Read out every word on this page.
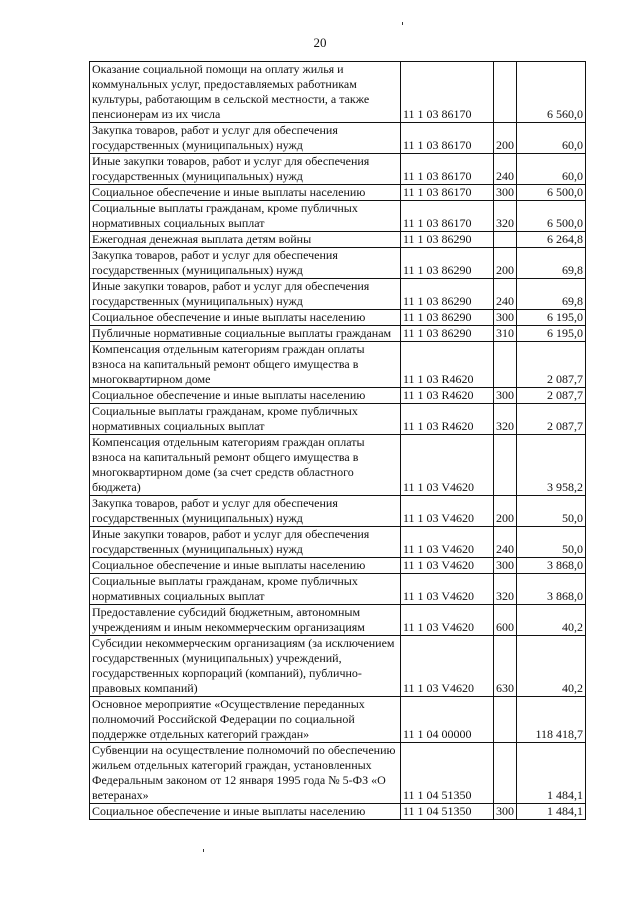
20
Оказание социальной помощи на оплату жилья и коммунальных услуг, предоставляемых работникам культуры, работающим в сельской местности, а также пенсионерам из их числа	11 1 03 86170		6 560,0
Закупка товаров, работ и услуг для обеспечения государственных (муниципальных) нужд	11 1 03 86170	200	60,0
Иные закупки товаров, работ и услуг для обеспечения государственных (муниципальных) нужд	11 1 03 86170	240	60,0
Социальное обеспечение и иные выплаты населению	11 1 03 86170	300	6 500,0
Социальные выплаты гражданам, кроме публичных нормативных социальных выплат	11 1 03 86170	320	6 500,0
Ежегодная денежная выплата детям войны	11 1 03 86290		6 264,8
Закупка товаров, работ и услуг для обеспечения государственных (муниципальных) нужд	11 1 03 86290	200	69,8
Иные закупки товаров, работ и услуг для обеспечения государственных (муниципальных) нужд	11 1 03 86290	240	69,8
Социальное обеспечение и иные выплаты населению	11 1 03 86290	300	6 195,0
Публичные нормативные социальные выплаты гражданам	11 1 03 86290	310	6 195,0
Компенсация отдельным категориям граждан оплаты взноса на капитальный ремонт общего имущества в многоквартирном доме	11 1 03 R4620		2 087,7
Социальное обеспечение и иные выплаты населению	11 1 03 R4620	300	2 087,7
Социальные выплаты гражданам, кроме публичных нормативных социальных выплат	11 1 03 R4620	320	2 087,7
Компенсация отдельным категориям граждан оплаты взноса на капитальный ремонт общего имущества в многоквартирном доме (за счет средств областного бюджета)	11 1 03 V4620		3 958,2
Закупка товаров, работ и услуг для обеспечения государственных (муниципальных) нужд	11 1 03 V4620	200	50,0
Иные закупки товаров, работ и услуг для обеспечения государственных (муниципальных) нужд	11 1 03 V4620	240	50,0
Социальное обеспечение и иные выплаты населению	11 1 03 V4620	300	3 868,0
Социальные выплаты гражданам, кроме публичных нормативных социальных выплат	11 1 03 V4620	320	3 868,0
Предоставление субсидий бюджетным, автономным учреждениям и иным некоммерческим организациям	11 1 03 V4620	600	40,2
Субсидии некоммерческим организациям (за исключением государственных (муниципальных) учреждений, государственных корпораций (компаний), публично-правовых компаний)	11 1 03 V4620	630	40,2
Основное мероприятие «Осуществление переданных полномочий Российской Федерации по социальной поддержке отдельных категорий граждан»	11 1 04 00000		118 418,7
Субвенции на осуществление полномочий по обеспечению жильем отдельных категорий граждан, установленных Федеральным законом от 12 января 1995 года № 5-ФЗ «О ветеранах»	11 1 04 51350		1 484,1
Социальное обеспечение и иные выплаты населению	11 1 04 51350	300	1 484,1
